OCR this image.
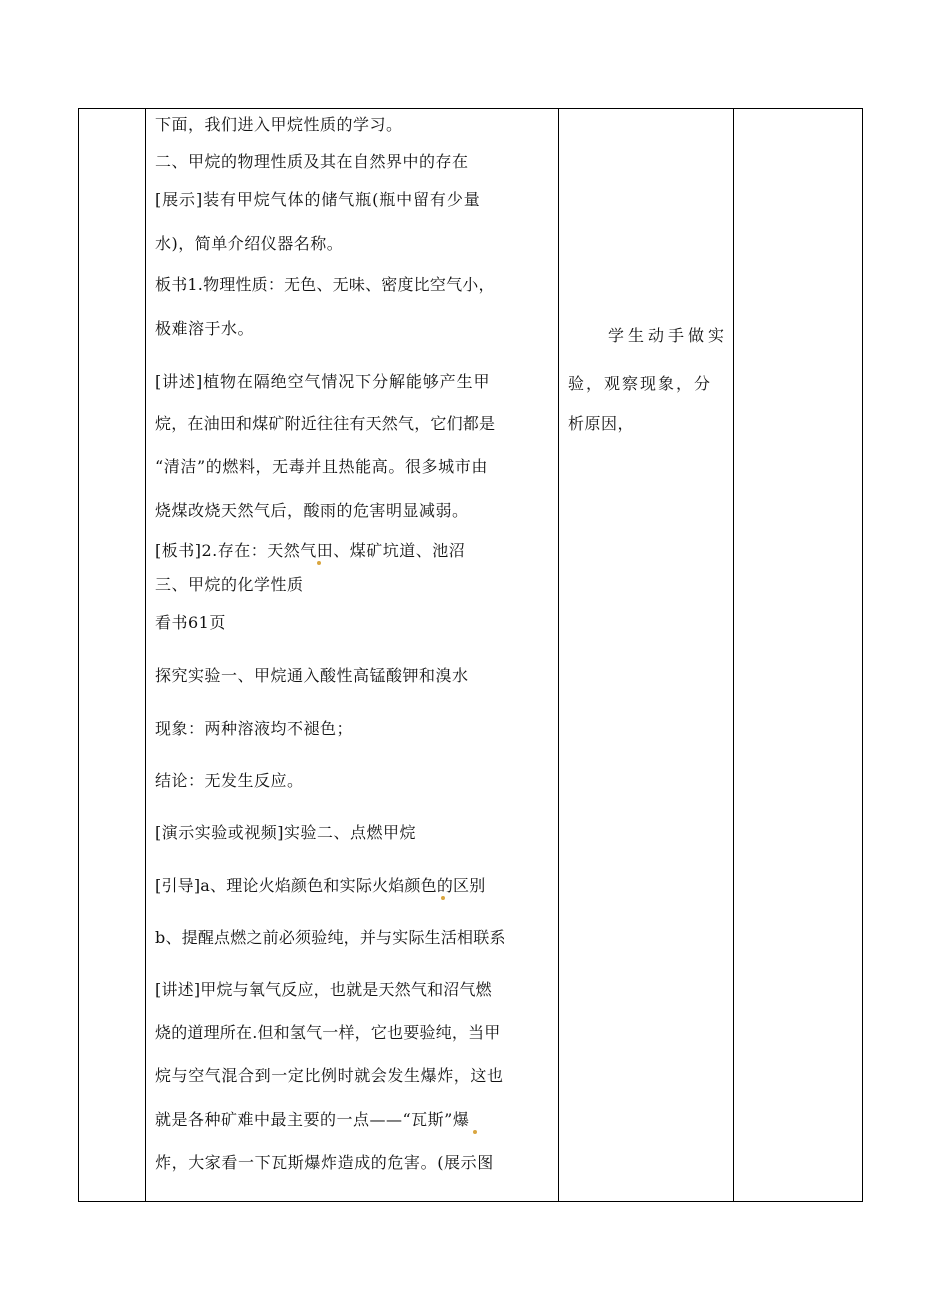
下面，我们进入甲烷性质的学习。
二、甲烷的物理性质及其在自然界中的存在
[展示]装有甲烷气体的储气瓶(瓶中留有少量
水)，简单介绍仪器名称。
板书1.物理性质：无色、无味、密度比空气小，
极难溶于水。
[讲述]植物在隔绝空气情况下分解能够产生甲
烷，在油田和煤矿附近往往有天然气，它们都是
“清洁”的燃料，无毒并且热能高。很多城市由
烧煤改烧天然气后，酸雨的危害明显减弱。
[板书]2.存在：天然气田、煤矿坑道、池沼
三、甲烷的化学性质
看书61页
探究实验一、甲烷通入酸性高锰酸钾和溴水
现象：两种溶液均不褪色；
结论：无发生反应。
[演示实验或视频]实验二、点燃甲烷
[引导]a、理论火焰颜色和实际火焰颜色的区别
b、提醒点燃之前必须验纯，并与实际生活相联系
[讲述]甲烷与氧气反应，也就是天然气和沼气燃
烧的道理所在.但和氢气一样，它也要验纯，当甲
烷与空气混合到一定比例时就会发生爆炸，这也
就是各种矿难中最主要的一点——“瓦斯”爆
炸，大家看一下瓦斯爆炸造成的危害。(展示图
学生动手做实
验，观察现象，分
析原因，
